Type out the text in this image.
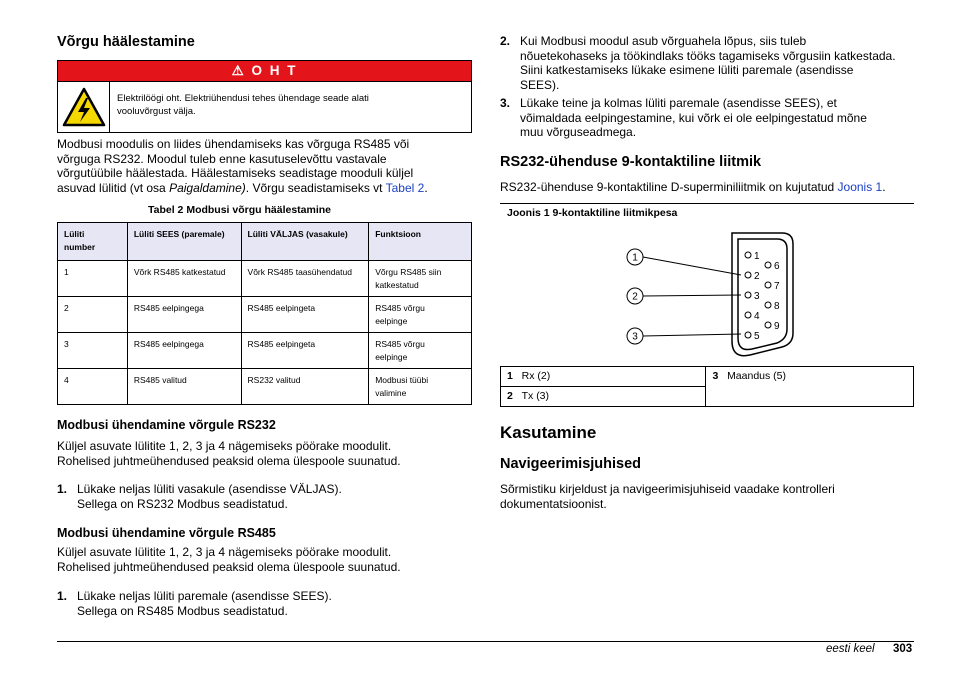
Võrgu häälestamine
⚠ O H T
Elektrilöögi oht. Elektriühendusi tehes ühendage seade alati
vooluvõrgust välja.
Modbusi moodulis on liides ühendamiseks kas võrguga RS485 või
võrguga RS232. Moodul tuleb enne kasutuselevõttu vastavale
võrgutüübile häälestada. Häälestamiseks seadistage mooduli küljel
asuvad lülitid (vt osa Paigaldamine). Võrgu seadistamiseks vt Tabel 2.
Tabel 2 Modbusi võrgu häälestamine
Lüliti
number	Lüliti SEES (paremale)	Lüliti VÄLJAS (vasakule)	Funktsioon
1	Võrk RS485 katkestatud	Võrk RS485 taasühendatud	Võrgu RS485 siin
katkestatud

2	RS485 eelpingega	RS485 eelpingeta	RS485 võrgu
eelpinge

3	RS485 eelpingega	RS485 eelpingeta	RS485 võrgu
eelpinge

4	RS485 valitud	RS232 valitud	Modbusi tüübi
valimine
Modbusi ühendamine võrgule RS232
Küljel asuvate lülitite 1, 2, 3 ja 4 nägemiseks pöörake moodulit.
Rohelised juhtmeühendused peaksid olema ülespoole suunatud.
1. Lükake neljas lüliti vasakule (asendisse VÄLJAS).
Sellega on RS232 Modbus seadistatud.
Modbusi ühendamine võrgule RS485
Küljel asuvate lülitite 1, 2, 3 ja 4 nägemiseks pöörake moodulit.
Rohelised juhtmeühendused peaksid olema ülespoole suunatud.
1. Lükake neljas lüliti paremale (asendisse SEES).
Sellega on RS485 Modbus seadistatud.
2. Kui Modbusi moodul asub võrguahela lõpus, siis tuleb
nõuetekohaseks ja töökindlaks tööks tagamiseks võrgusiin katkestada.
Siini katkestamiseks lükake esimene lüliti paremale (asendisse
SEES).
3. Lükake teine ja kolmas lüliti paremale (asendisse SEES), et
võimaldada eelpingestamine, kui võrk ei ole eelpingestatud mõne
muu võrguseadmega.
RS232-ühenduse 9-kontaktiline liitmik
RS232-ühenduse 9-kontaktiline D-superminiliitmik on kujutatud Joonis 1.
Joonis 1 9-kontaktiline liitmikpesa
1
2
3
1
2
3
4
5
6
7
8
9
1 Rx (2)	3 Maandus (5)
2 Tx (3)
Kasutamine
Navigeerimisjuhised
Sõrmistiku kirjeldust ja navigeerimisjuhiseid vaadake kontrolleri
dokumentatsioonist.
eesti keel 303
